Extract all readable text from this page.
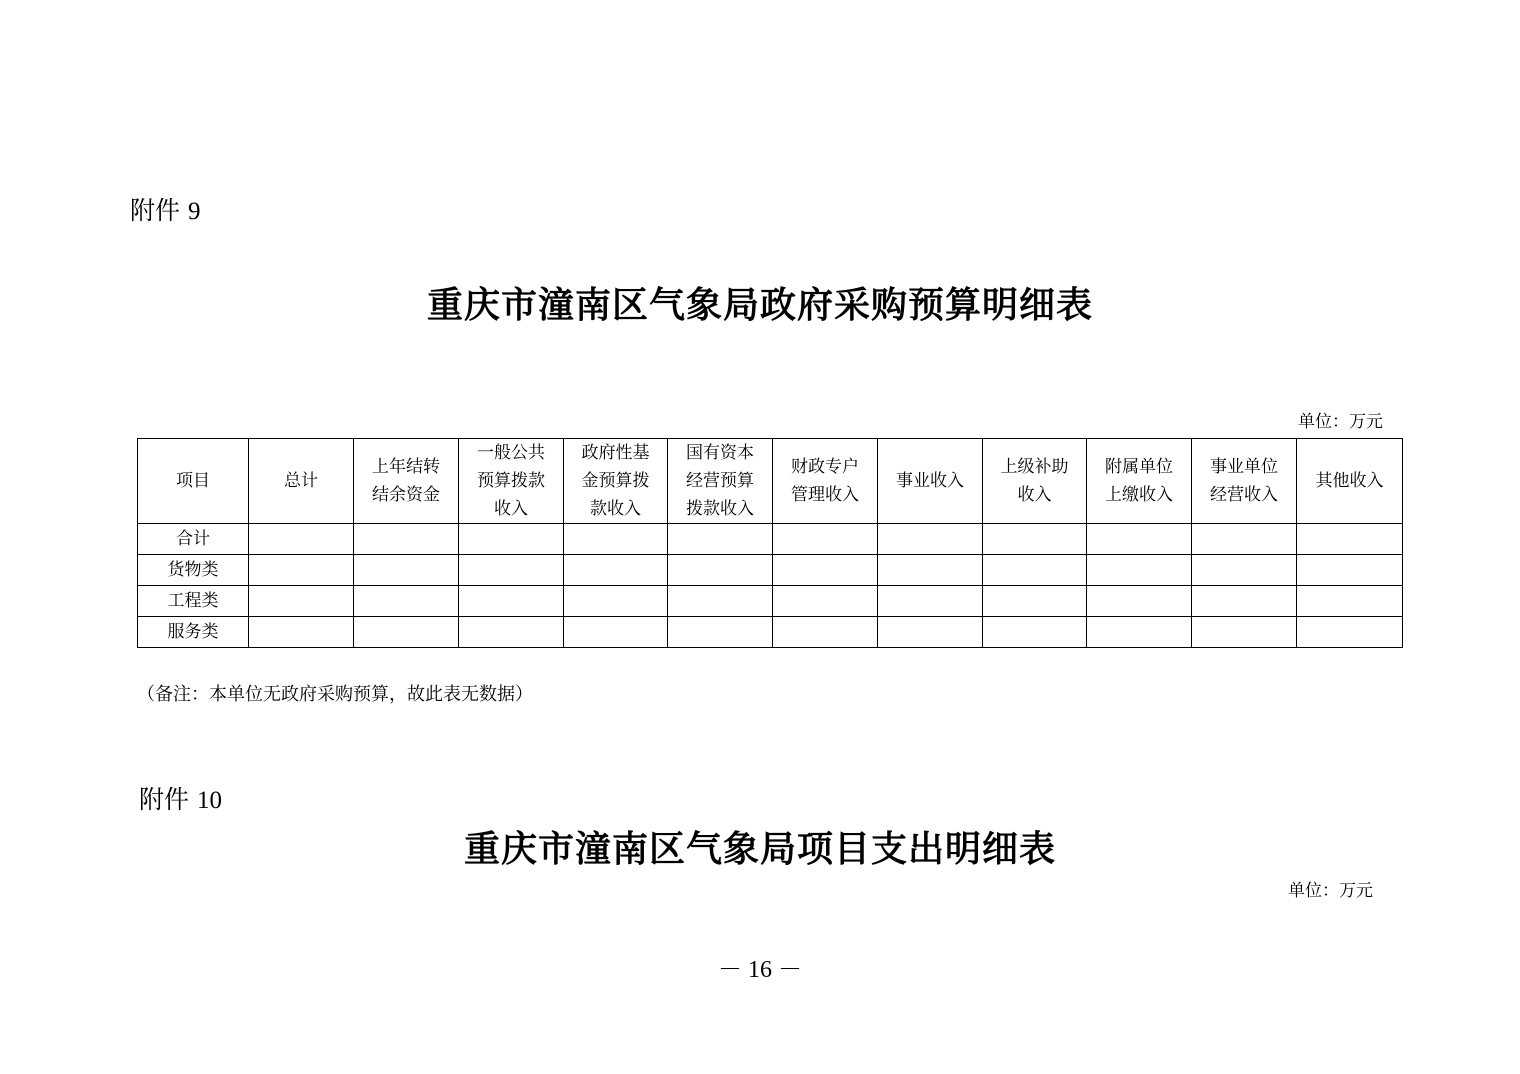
附件 9
重庆市潼南区气象局政府采购预算明细表
单位：万元
项目	总计	上年结转结余资金	一般公共预算拨款收入	政府性基金预算拨款收入	国有资本经营预算拨款收入	财政专户管理收入	事业收入	上级补助收入	附属单位上缴收入	事业单位经营收入	其他收入
合计											
货物类											
工程类											
服务类											
（备注：本单位无政府采购预算，故此表无数据）
附件 10
重庆市潼南区气象局项目支出明细表
单位：万元
－ 16 －
